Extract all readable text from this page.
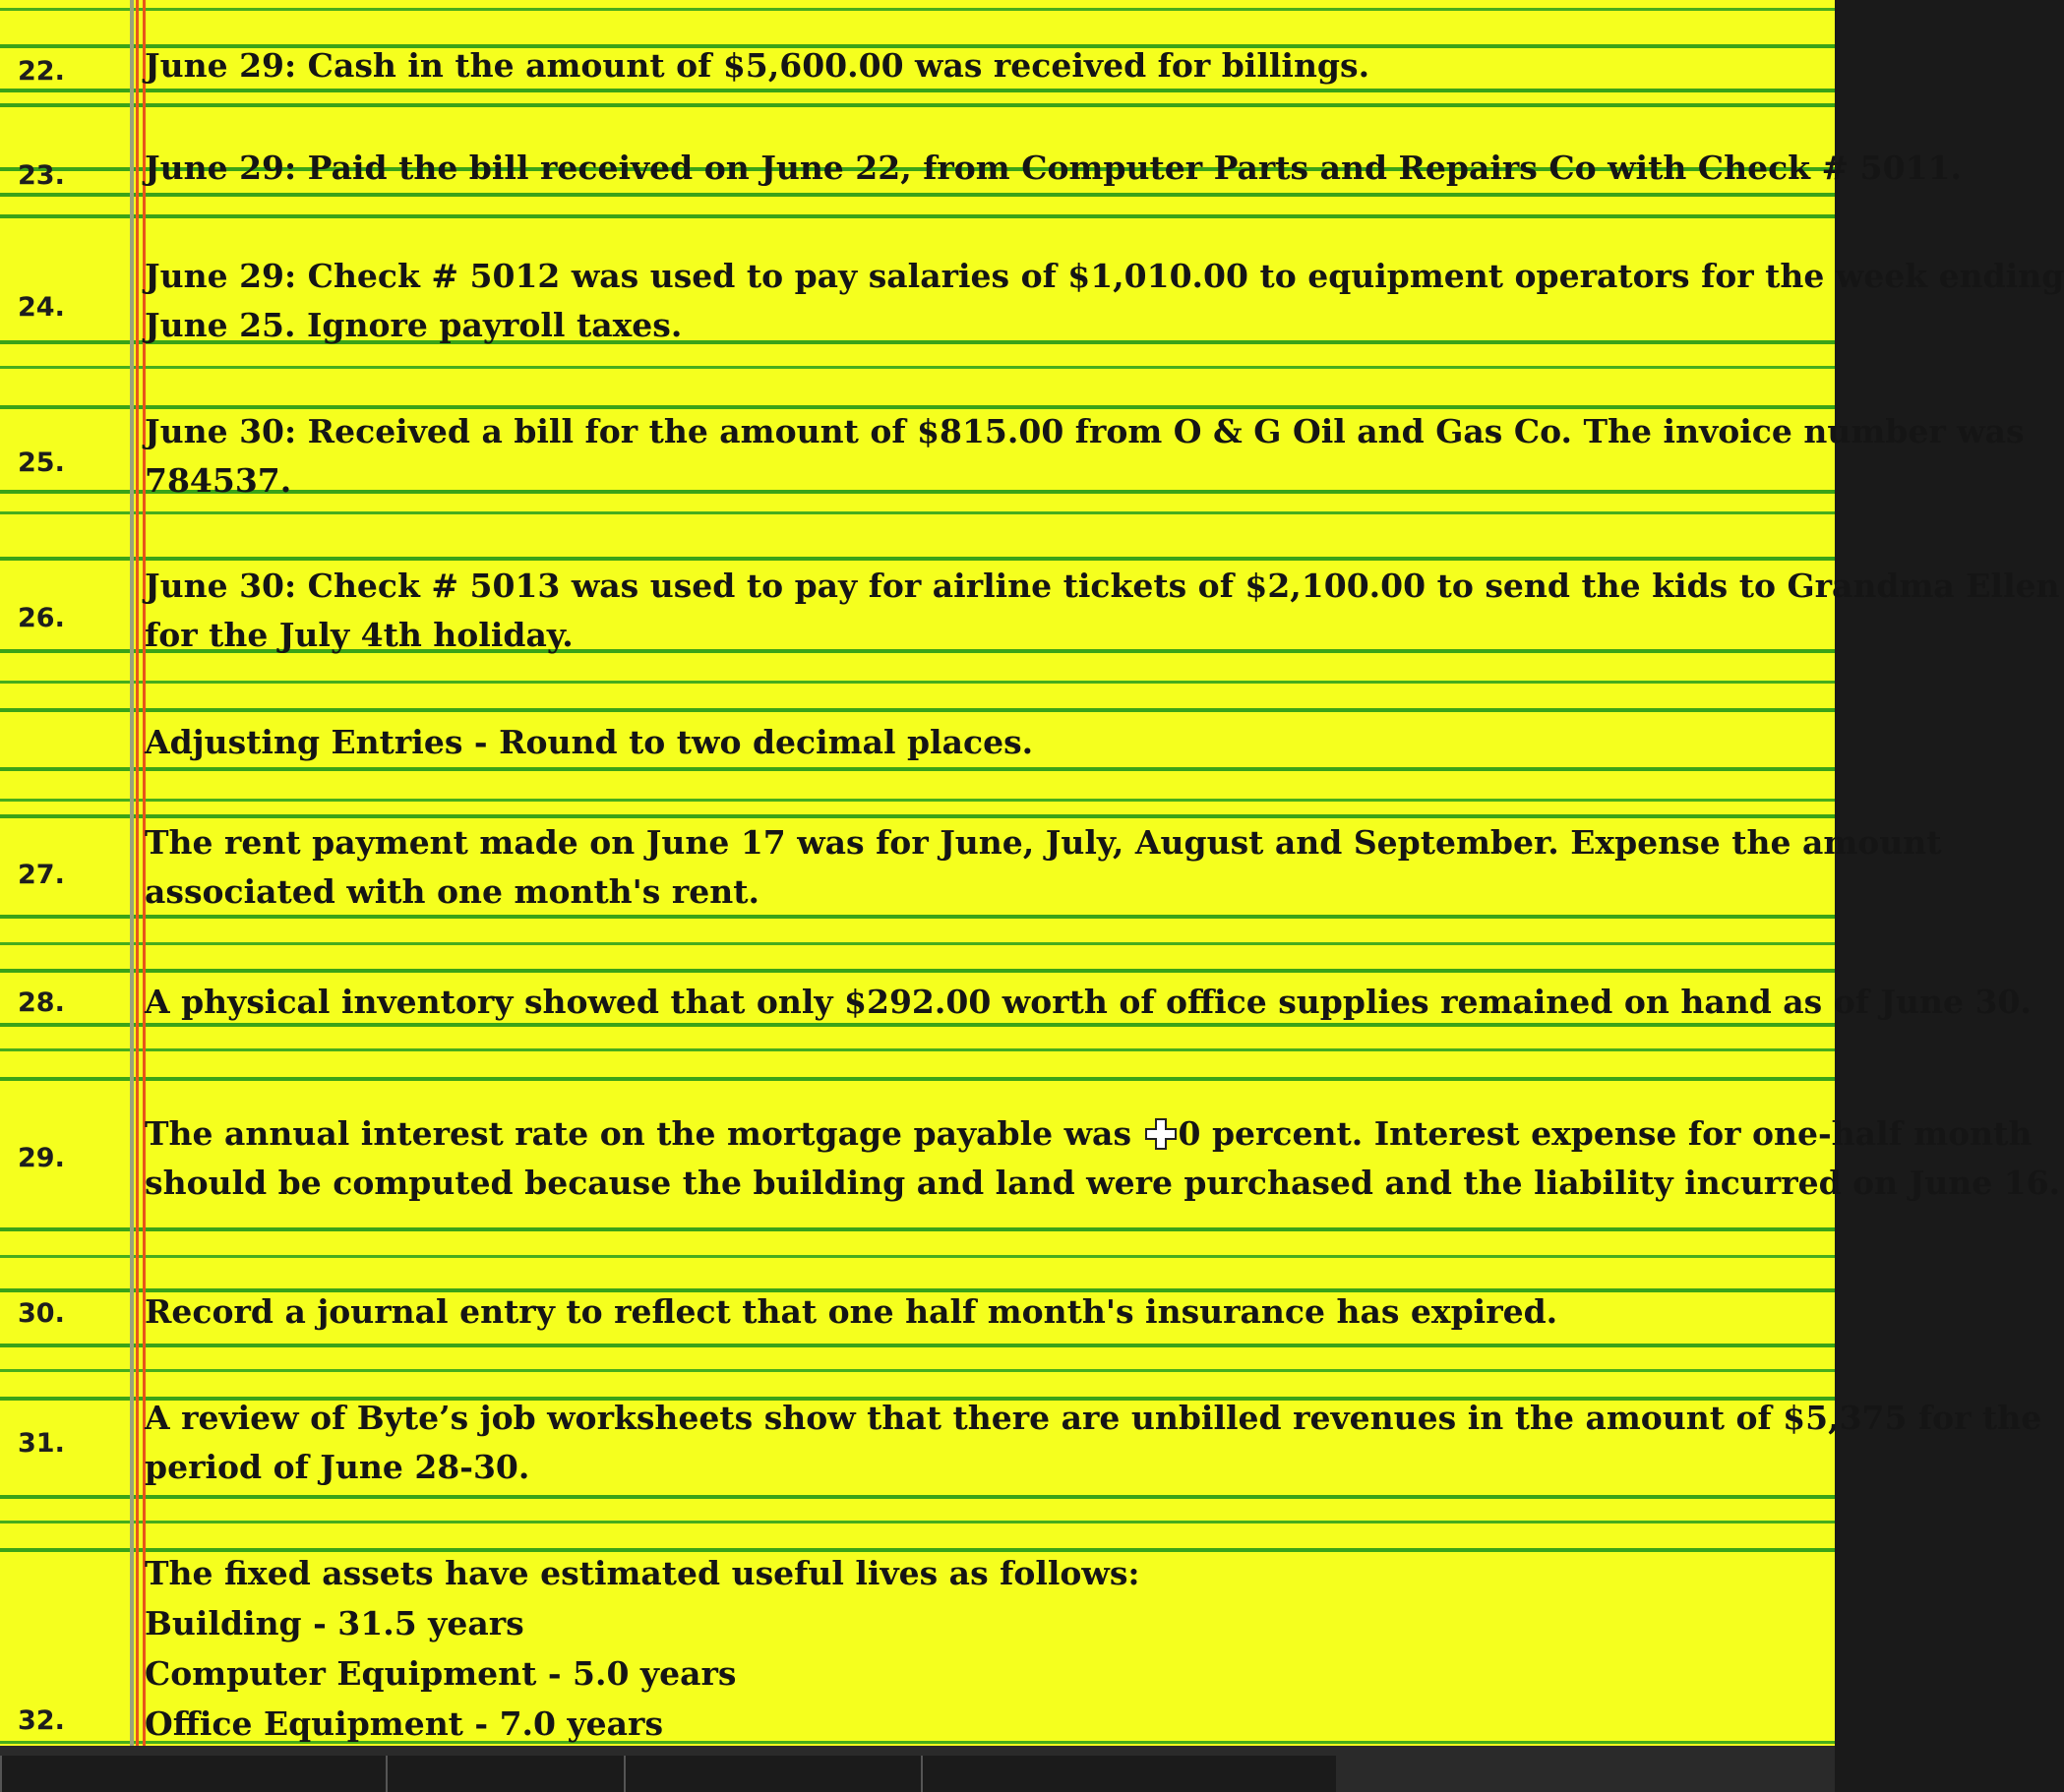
22. June 29: Cash in the amount of $5,600.00 was received for billings.
23. June 29: Paid the bill received on June 22, from Computer Parts and Repairs Co with Check # 5011.
24.
June 29: Check # 5012 was used to pay salaries of $1,010.00 to equipment operators for the week ending
June 25. Ignore payroll taxes.
25.
June 30: Received a bill for the amount of $815.00 from O & G Oil and Gas Co. The invoice number was
784537.
26.
June 30: Check # 5013 was used to pay for airline tickets of $2,100.00 to send the kids to Grandma Ellen
for the July 4th holiday.
Adjusting Entries - Round to two decimal places.
27.
The rent payment made on June 17 was for June, July, August and September. Expense the amount
associated with one month's rent.
28. A physical inventory showed that only $292.00 worth of office supplies remained on hand as of June 30.
29.
The annual interest rate on the mortgage payable was 0 percent. Interest expense for one-half month
should be computed because the building and land were purchased and the liability incurred on June 16.
30. Record a journal entry to reflect that one half month's insurance has expired.
31.
A review of Byte’s job worksheets show that there are unbilled revenues in the amount of $5,375 for the
period of June 28-30.
32.
The fixed assets have estimated useful lives as follows:
Building - 31.5 years
Computer Equipment - 5.0 years
Office Equipment - 7.0 years
